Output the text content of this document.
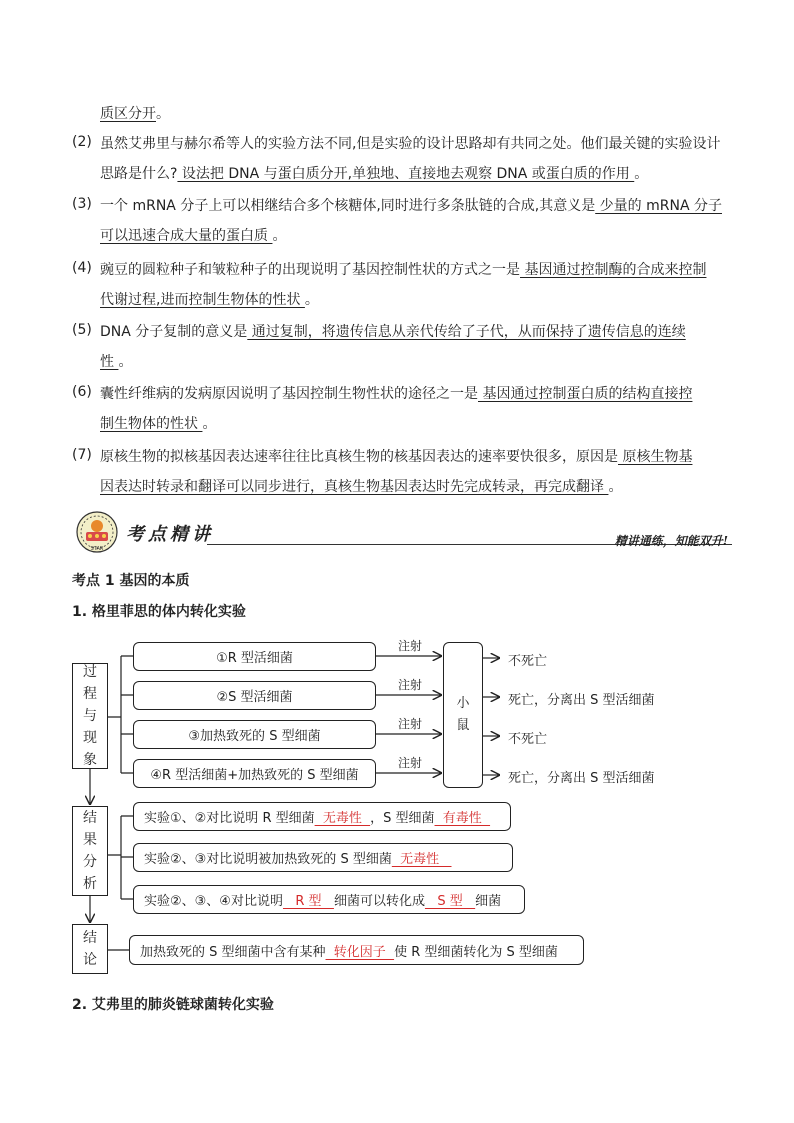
质区分开。
(2) 虽然艾弗里与赫尔希等人的实验方法不同,但是实验的设计思路却有共同之处。他们最关键的实验设计
思路是什么? 设法把 DNA 与蛋白质分开,单独地、直接地去观察 DNA 或蛋白质的作用 。
(3) 一个 mRNA 分子上可以相继结合多个核糖体,同时进行多条肽链的合成,其意义是 少量的 mRNA 分子
可以迅速合成大量的蛋白质 。
(4) 豌豆的圆粒种子和皱粒种子的出现说明了基因控制性状的方式之一是 基因通过控制酶的合成来控制
代谢过程,进而控制生物体的性状 。
(5) DNA 分子复制的意义是 通过复制，将遗传信息从亲代传给了子代，从而保持了遗传信息的连续
性 。
(6) 囊性纤维病的发病原因说明了基因控制生物性状的途径之一是 基因通过控制蛋白质的结构直接控
制生物体的性状 。
(7) 原核生物的拟核基因表达速率往往比真核生物的核基因表达的速率要快很多，原因是 原核生物基
因表达时转录和翻译可以同步进行，真核生物基因表达时先完成转录，再完成翻译 。
STAR
考点精讲	精讲通练，知能双升!
考点 1 基因的本质
1. 格里菲思的体内转化实验
过
程
与
现
象
①R 型活细菌
②S 型活细菌
③加热致死的 S 型细菌
④R 型活细菌+加热致死的 S 型细菌
注射
注射
注射
注射
小
鼠
不死亡
死亡，分离出 S 型活细菌
不死亡
死亡，分离出 S 型活细菌
结
果
分
析
实验①、②对比说明 R 型细菌 无毒性 ，S 型细菌 有毒性
实验②、③对比说明被加热致死的 S 型细菌 无毒性
实验②、③、④对比说明 R 型 细菌可以转化成 S 型 细菌
结
论	加热致死的 S 型细菌中含有某种 转化因子 使 R 型细菌转化为 S 型细菌
2. 艾弗里的肺炎链球菌转化实验
